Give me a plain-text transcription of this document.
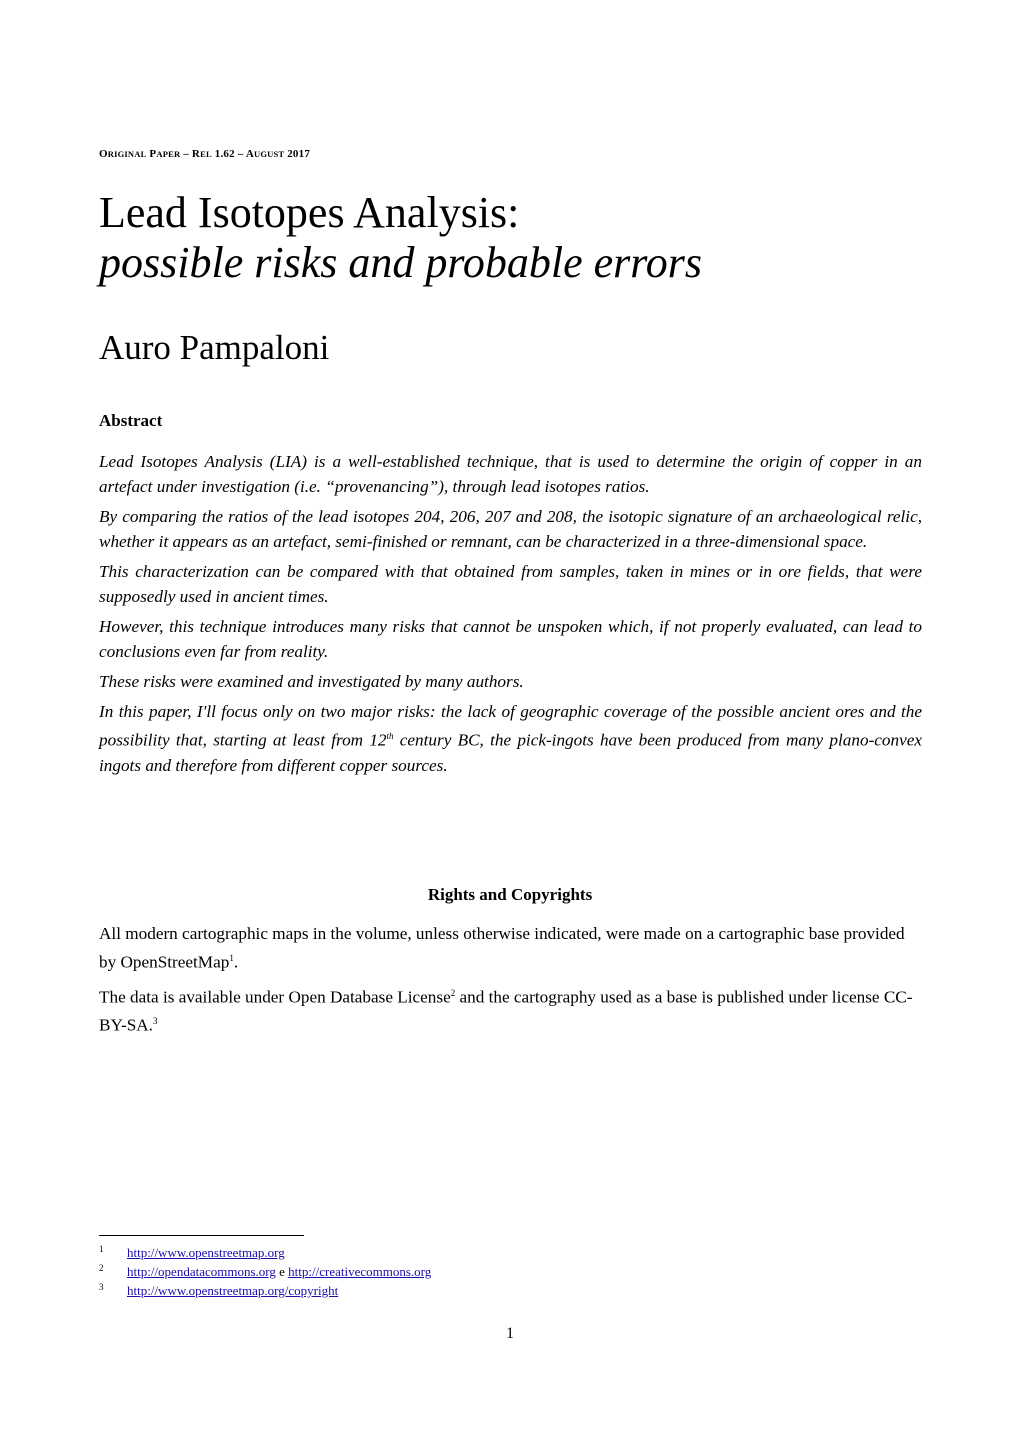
ORIGINAL PAPER – REL 1.62 – AUGUST 2017
Lead Isotopes Analysis:
possible risks and probable errors
Auro Pampaloni
Abstract

Lead Isotopes Analysis (LIA) is a well-established technique, that is used to determine the origin of copper in an artefact under investigation (i.e. “provenancing”), through lead isotopes ratios.

By comparing the ratios of the lead isotopes 204, 206, 207 and 208, the isotopic signature of an archaeological relic, whether it appears as an artefact, semi-finished or remnant, can be characterized in a three-dimensional space.

This characterization can be compared with that obtained from samples, taken in mines or in ore fields, that were supposedly used in ancient times.

However, this technique introduces many risks that cannot be unspoken which, if not properly evaluated, can lead to conclusions even far from reality.

These risks were examined and investigated by many authors.

In this paper, I'll focus only on two major risks: the lack of geographic coverage of the possible ancient ores and the possibility that, starting at least from 12th century BC, the pick-ingots have been produced from many plano-convex ingots and therefore from different copper sources.

Rights and Copyrights

All modern cartographic maps in the volume, unless otherwise indicated, were made on a cartographic base provided by OpenStreetMap$^1$.

The data is available under Open Database License$^2$ and the cartography used as a base is published under license CC-BY-SA.$^3$

1 http://www.openstreetmap.org
2 http://opendatacommons.org e http://creativecommons.org
3 http://www.openstreetmap.org/copyright
1
